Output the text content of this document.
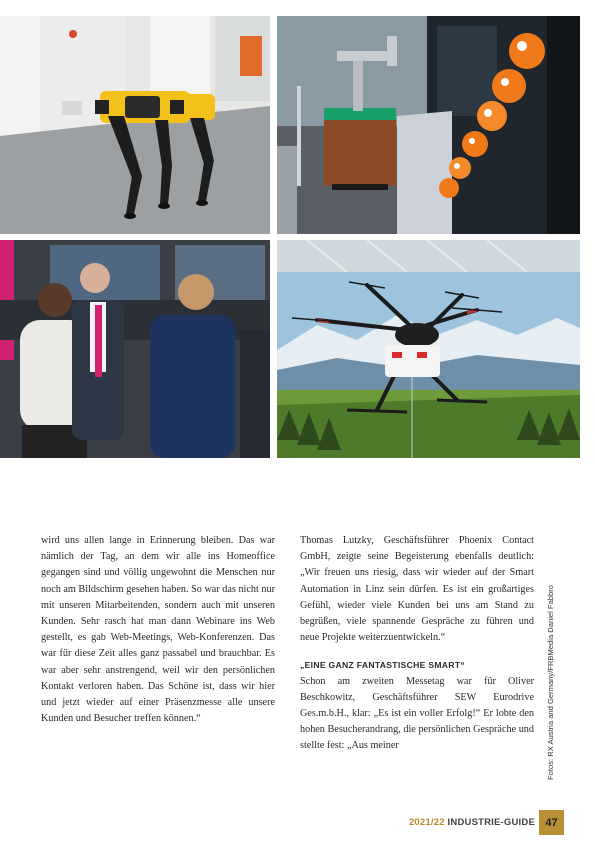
wird uns allen lange in Erinnerung bleiben. Das war nämlich der Tag, an dem wir alle ins Homeoffice gegangen sind und völlig ungewohnt die Menschen nur noch am Bildschirm gesehen haben. So war das nicht nur mit unseren Mitarbeitenden, sondern auch mit unseren Kunden. Sehr rasch hat man dann Webinare ins Web gestellt, es gab Web-Meetings, Web-Konferenzen. Das war für diese Zeit alles ganz passabel und brauchbar. Es war aber sehr anstrengend, weil wir den persönlichen Kontakt verloren haben. Das Schöne ist, dass wir hier und jetzt wieder auf einer Präsenzmesse alle unsere Kunden und Besucher treffen können.“

Thomas Lutzky, Geschäftsführer Phoenix Contact GmbH, zeigte seine Begeisterung ebenfalls deutlich: „Wir freuen uns riesig, dass wir wieder auf der Smart Automation in Linz sein dürfen. Es ist ein großartiges Gefühl, wieder viele Kunden bei uns am Stand zu begrüßen, viele spannende Gespräche zu führen und neue Projekte weiterzuentwickeln.“

„EINE GANZ FANTASTISCHE SMART“

Schon am zweiten Messetag war für Oliver Beschkowitz, Geschäftsführer SEW Eurodrive Ges.m.b.H., klar: „Es ist ein voller Erfolg!“ Er lobte den hohen Besucherandrang, die persönlichen Gespräche und stellte fest: „Aus meiner	Fotos: RX Austria and Germany/FRBMedia Daniel Fabbro
2021/22 INDUSTRIE-GUIDE 47
